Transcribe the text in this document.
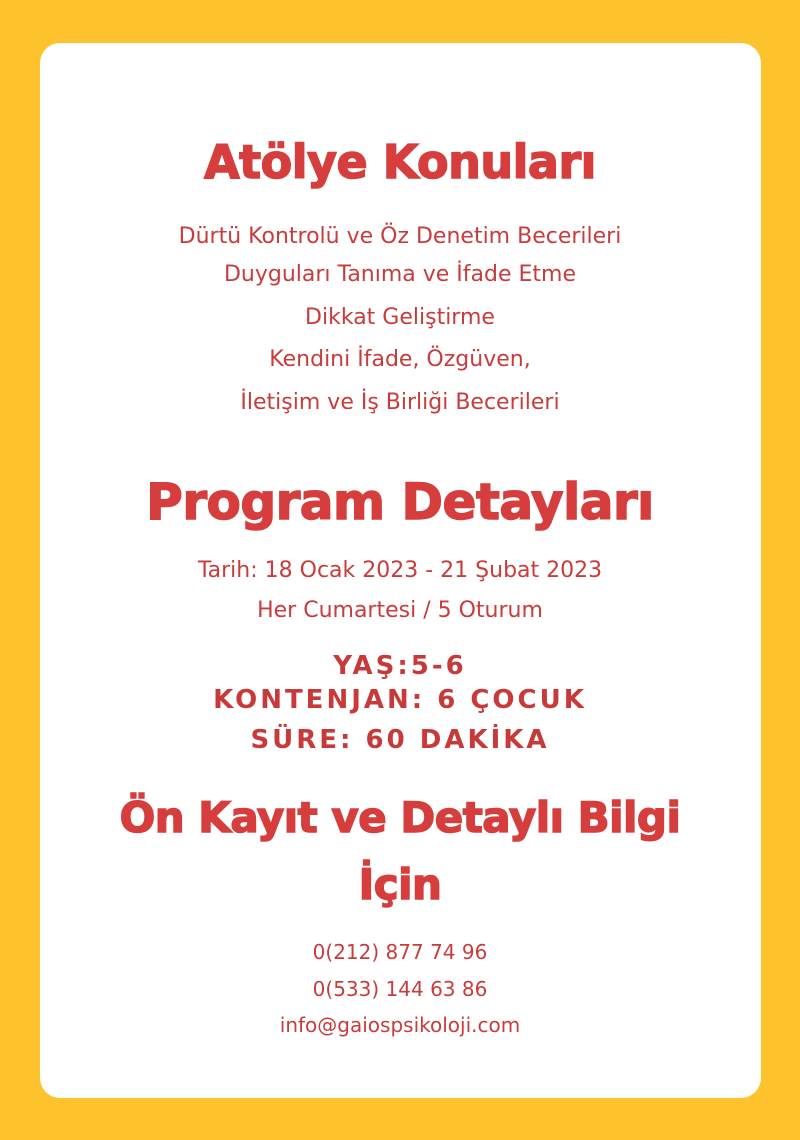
Atölye Konuları
Dürtü Kontrolü ve Öz Denetim Becerileri
Duyguları Tanıma ve İfade Etme
Dikkat Geliştirme
Kendini İfade, Özgüven,
İletişim ve İş Birliği Becerileri
Program Detayları
Tarih: 18 Ocak 2023 - 21 Şubat 2023
Her Cumartesi / 5 Oturum
YAŞ:5-6
KONTENJAN: 6 ÇOCUK
SÜRE: 60 DAKİKA
Ön Kayıt ve Detaylı Bilgi
İçin
0(212) 877 74 96
0(533) 144 63 86
info@gaiospsikoloji.com
